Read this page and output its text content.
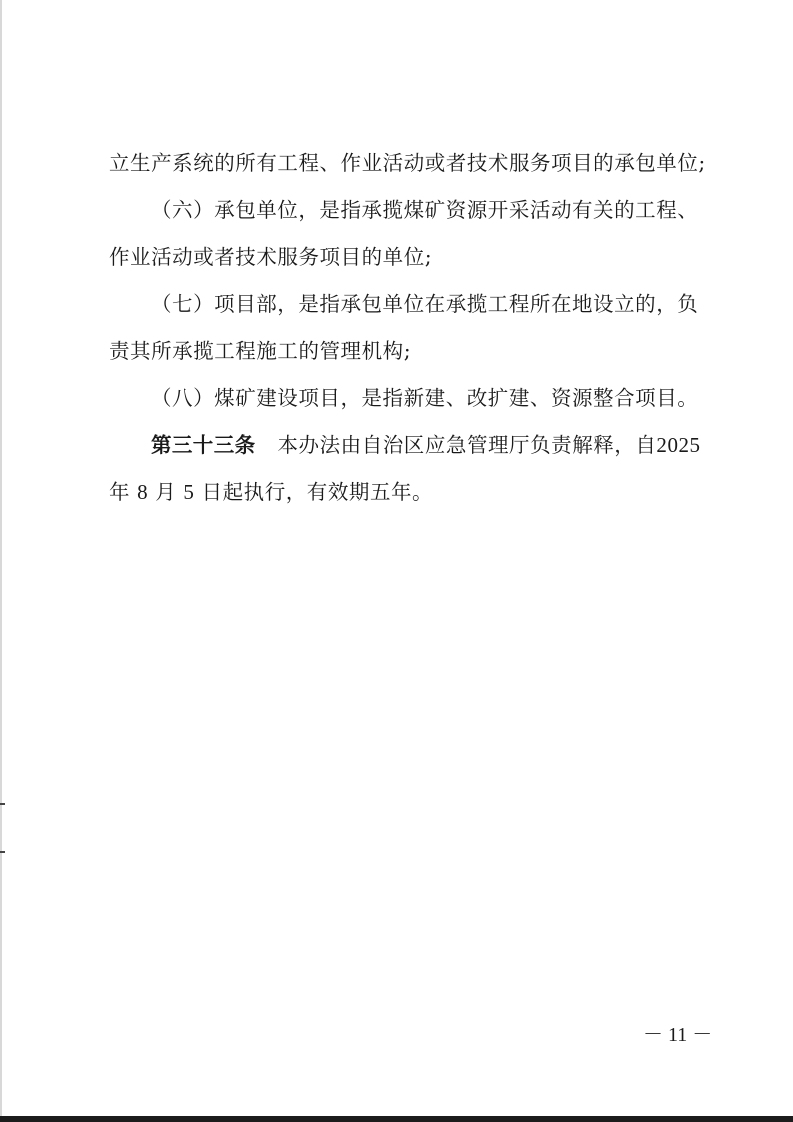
立生产系统的所有工程、作业活动或者技术服务项目的承包单位;
（六）承包单位，是指承揽煤矿资源开采活动有关的工程、
作业活动或者技术服务项目的单位;
（七）项目部，是指承包单位在承揽工程所在地设立的，负
责其所承揽工程施工的管理机构;
（八）煤矿建设项目，是指新建、改扩建、资源整合项目。
第三十三条 本办法由自治区应急管理厅负责解释，自2025
年 8 月 5 日起执行，有效期五年。
－ 11 －
